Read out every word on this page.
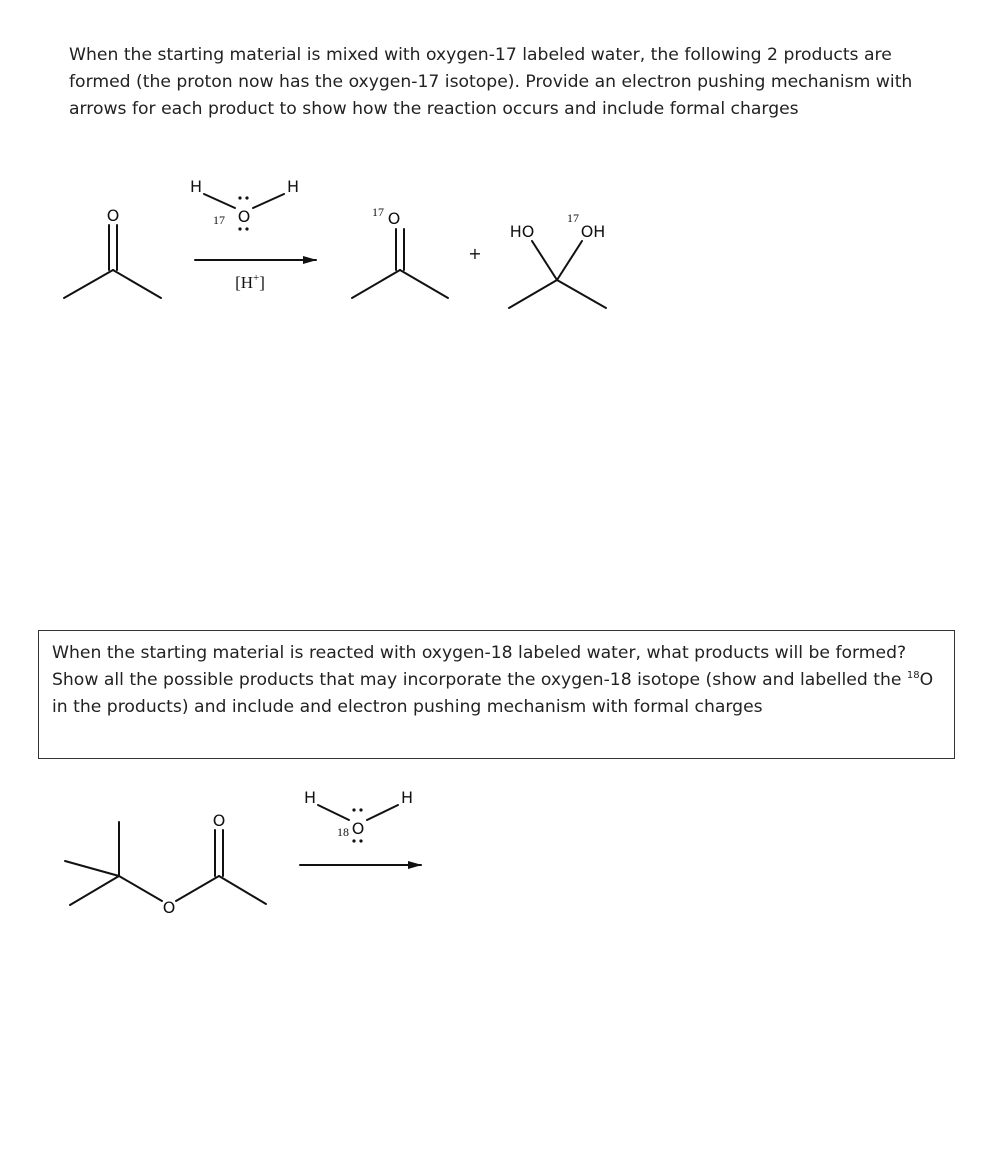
When the starting material is mixed with oxygen-17 labeled water, the following 2 products are formed (the proton now has the oxygen-17 isotope). Provide an electron pushing mechanism with arrows for each product to show how the reaction occurs and include formal charges

When the starting material is reacted with oxygen-18 labeled water, what products will be formed? Show all the possible products that may incorporate the oxygen-18 isotope (show and labelled the $^{18}$O in the products) and include and electron pushing mechanism with formal charges

O
H	H
17 O
[H+]
17 O
+
HO
17
OH
O
O
H	H
18 O
